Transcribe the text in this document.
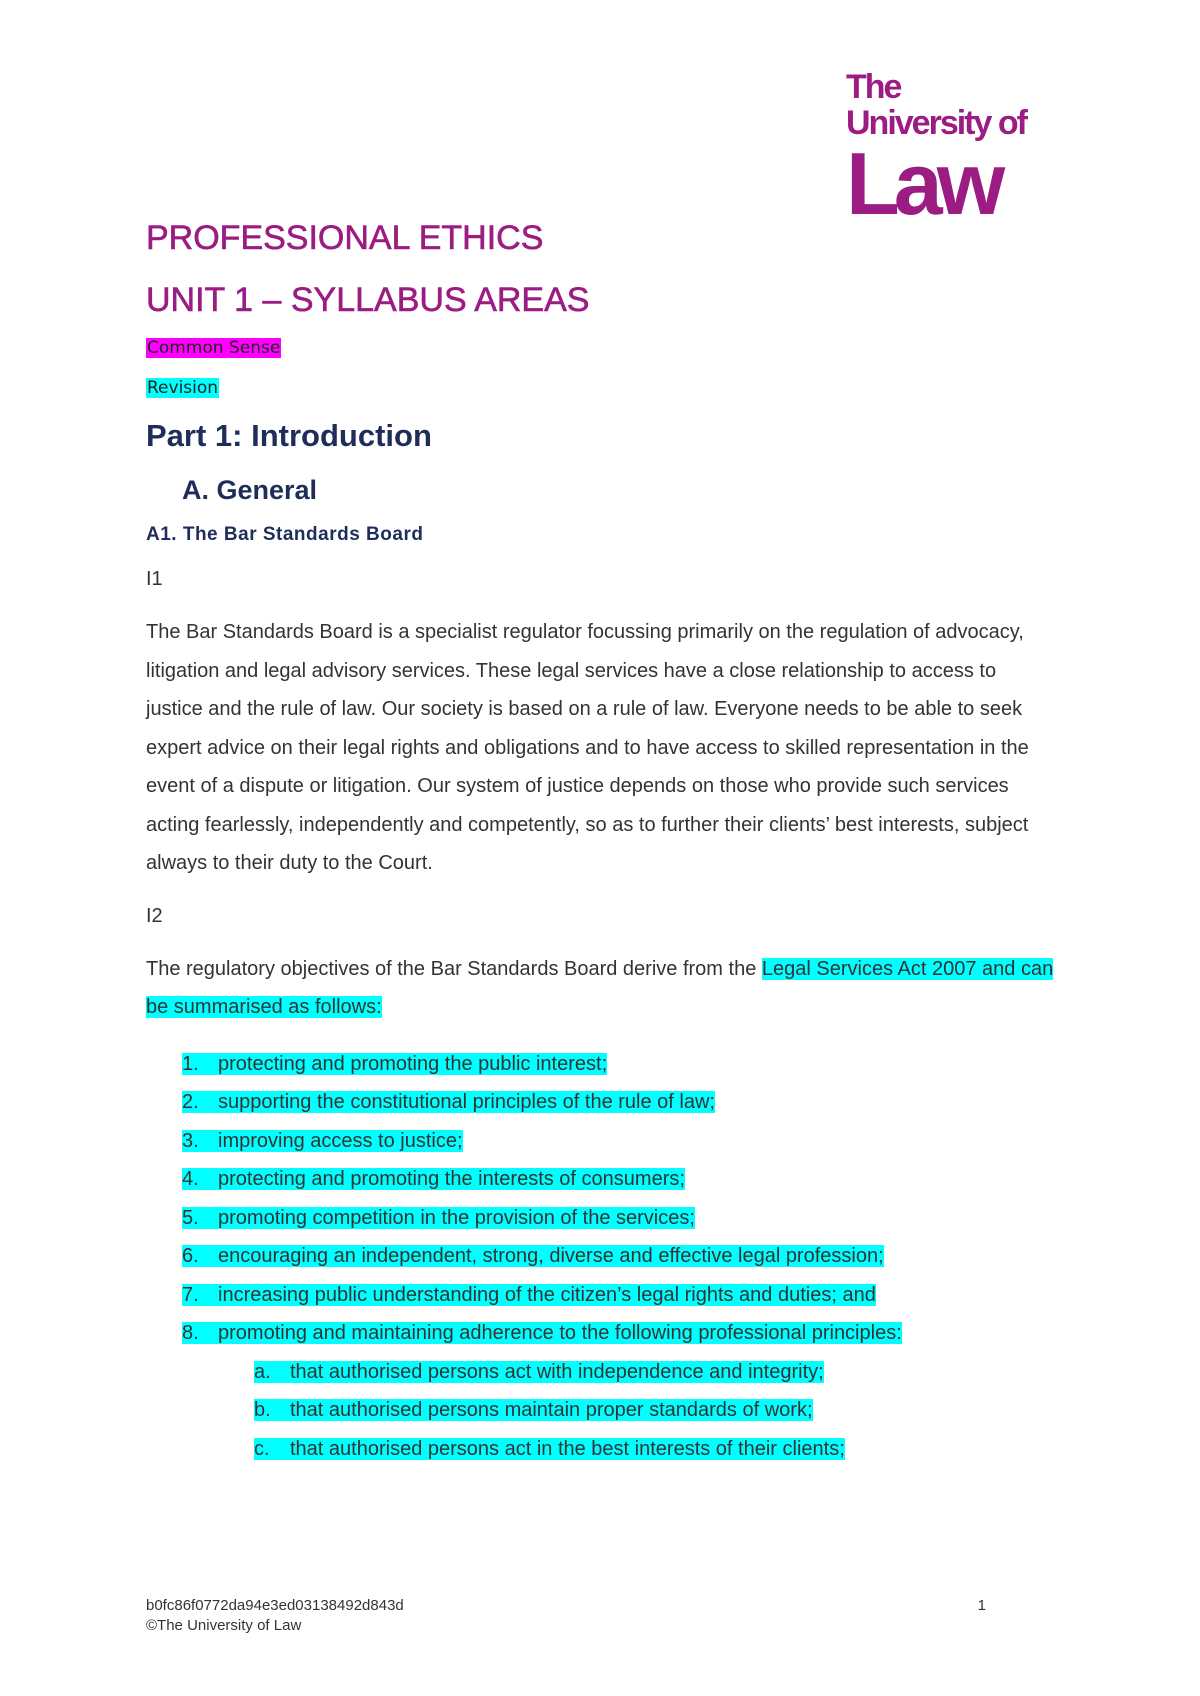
The
University of
Law
PROFESSIONAL ETHICS
UNIT 1 – SYLLABUS AREAS
Common Sense
Revision
Part 1: Introduction
A. General
A1. The Bar Standards Board
I1
The Bar Standards Board is a specialist regulator focussing primarily on the regulation of advocacy, litigation and legal advisory services. These legal services have a close relationship to access to justice and the rule of law. Our society is based on a rule of law. Everyone needs to be able to seek expert advice on their legal rights and obligations and to have access to skilled representation in the event of a dispute or litigation. Our system of justice depends on those who provide such services acting fearlessly, independently and competently, so as to further their clients’ best interests, subject always to their duty to the Court.
I2
The regulatory objectives of the Bar Standards Board derive from the Legal Services Act 2007 and can be summarised as follows:
1. protecting and promoting the public interest;
2. supporting the constitutional principles of the rule of law;
3. improving access to justice;
4. protecting and promoting the interests of consumers;
5. promoting competition in the provision of the services;
6. encouraging an independent, strong, diverse and effective legal profession;
7. increasing public understanding of the citizen’s legal rights and duties; and
8. promoting and maintaining adherence to the following professional principles:
a. that authorised persons act with independence and integrity;
b. that authorised persons maintain proper standards of work;
c. that authorised persons act in the best interests of their clients;
b0fc86f0772da94e3ed03138492d843d
©The University of Law
1
